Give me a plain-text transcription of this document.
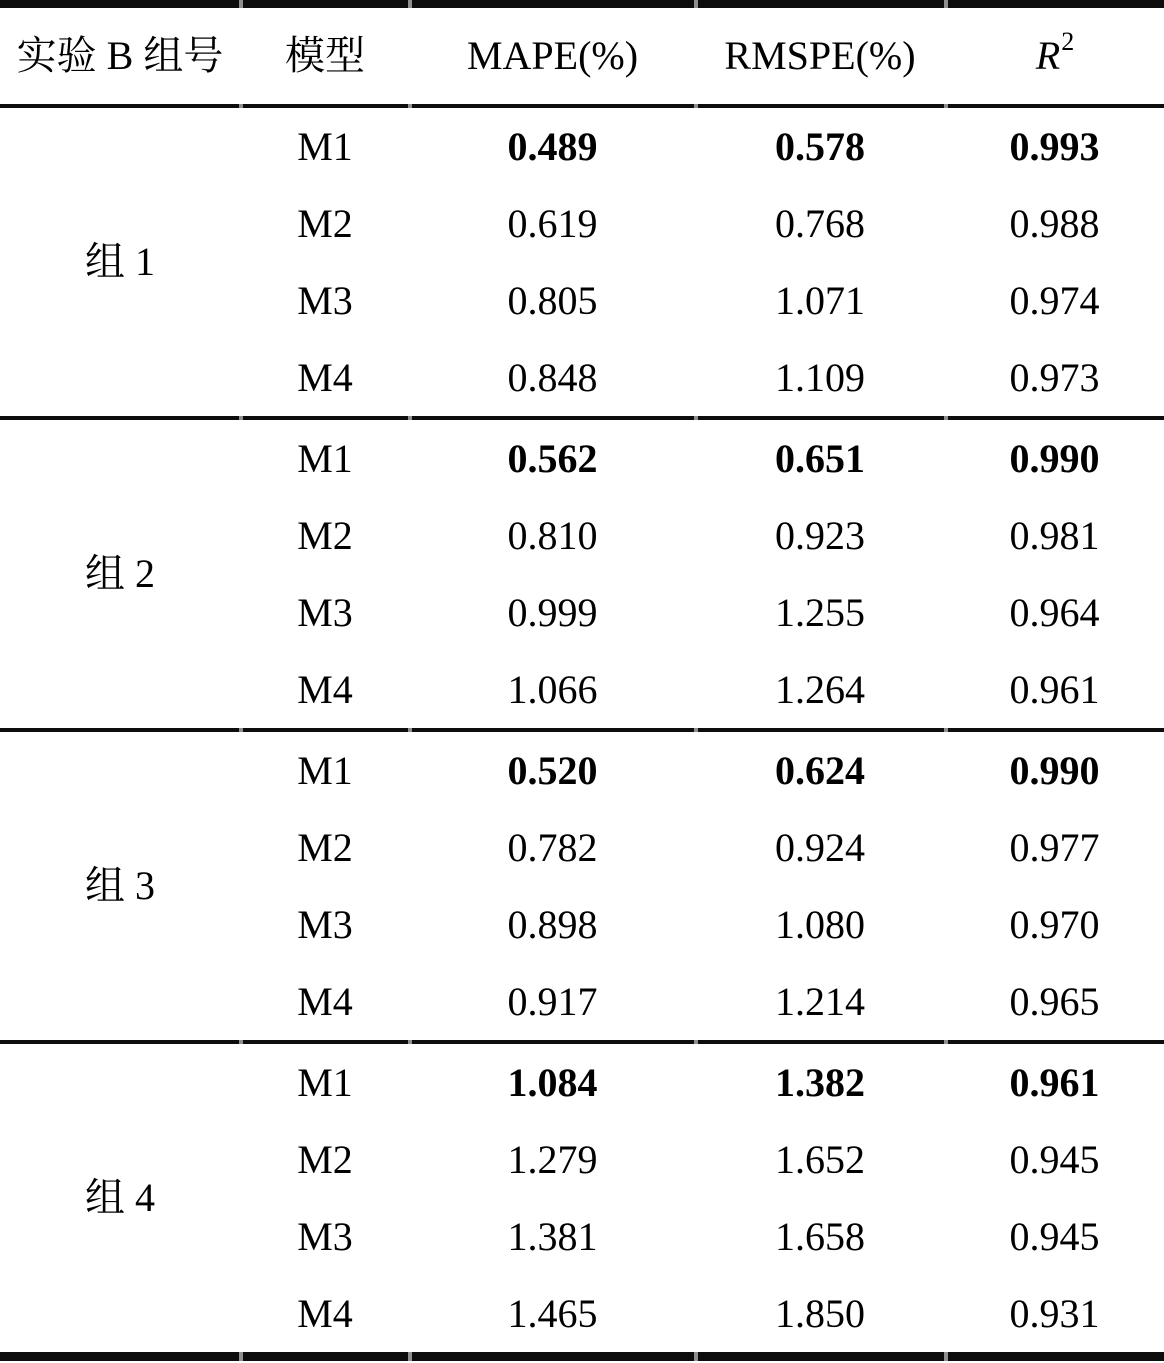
实验 B 组号	模型	MAPE(%)	RMSPE(%)	$R^2$
组 1
M1	0.489	0.578	0.993
M2	0.619	0.768	0.988
M3	0.805	1.071	0.974
M4	0.848	1.109	0.973
组 2
M1	0.562	0.651	0.990
M2	0.810	0.923	0.981
M3	0.999	1.255	0.964
M4	1.066	1.264	0.961
组 3
M1	0.520	0.624	0.990
M2	0.782	0.924	0.977
M3	0.898	1.080	0.970
M4	0.917	1.214	0.965
组 4
M1	1.084	1.382	0.961
M2	1.279	1.652	0.945
M3	1.381	1.658	0.945
M4	1.465	1.850	0.931
